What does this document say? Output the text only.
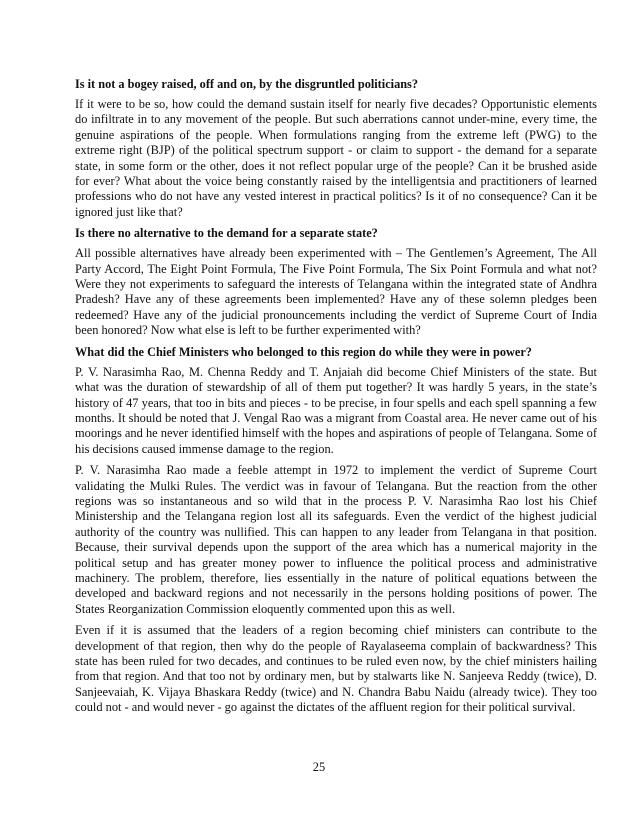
Is it not a bogey raised, off and on, by the disgruntled politicians?
If it were to be so, how could the demand sustain itself for nearly five decades? Opportunistic elements do infiltrate in to any movement of the people. But such aberrations cannot under-mine, every time, the genuine aspirations of the people. When formulations ranging from the extreme left (PWG) to the extreme right (BJP) of the political spectrum support - or claim to support - the demand for a separate state, in some form or the other, does it not reflect popular urge of the people? Can it be brushed aside for ever? What about the voice being constantly raised by the intelligentsia and practitioners of learned professions who do not have any vested interest in practical politics? Is it of no consequence? Can it be ignored just like that?
Is there no alternative to the demand for a separate state?
All possible alternatives have already been experimented with – The Gentlemen’s Agreement, The All Party Accord, The Eight Point Formula, The Five Point Formula, The Six Point Formula and what not? Were they not experiments to safeguard the interests of Telangana within the integrated state of Andhra Pradesh? Have any of these agreements been implemented? Have any of these solemn pledges been redeemed? Have any of the judicial pronouncements including the verdict of Supreme Court of India been honored? Now what else is left to be further experimented with?
What did the Chief Ministers who belonged to this region do while they were in power?
P. V. Narasimha Rao, M. Chenna Reddy and T. Anjaiah did become Chief Ministers of the state. But what was the duration of stewardship of all of them put together? It was hardly 5 years, in the state’s history of 47 years, that too in bits and pieces - to be precise, in four spells and each spell spanning a few months. It should be noted that J. Vengal Rao was a migrant from Coastal area. He never came out of his moorings and he never identified himself with the hopes and aspirations of people of Telangana. Some of his decisions caused immense damage to the region.
P. V. Narasimha Rao made a feeble attempt in 1972 to implement the verdict of Supreme Court validating the Mulki Rules. The verdict was in favour of Telangana. But the reaction from the other regions was so instantaneous and so wild that in the process P. V. Narasimha Rao lost his Chief Ministership and the Telangana region lost all its safeguards. Even the verdict of the highest judicial authority of the country was nullified. This can happen to any leader from Telangana in that position. Because, their survival depends upon the support of the area which has a numerical majority in the political setup and has greater money power to influence the political process and administrative machinery. The problem, therefore, lies essentially in the nature of political equations between the developed and backward regions and not necessarily in the persons holding positions of power. The States Reorganization Commission eloquently commented upon this as well.
Even if it is assumed that the leaders of a region becoming chief ministers can contribute to the development of that region, then why do the people of Rayalaseema complain of backwardness? This state has been ruled for two decades, and continues to be ruled even now, by the chief ministers hailing from that region. And that too not by ordinary men, but by stalwarts like N. Sanjeeva Reddy (twice), D. Sanjeevaiah, K. Vijaya Bhaskara Reddy (twice) and N. Chandra Babu Naidu (already twice). They too could not - and would never - go against the dictates of the affluent region for their political survival.
25
